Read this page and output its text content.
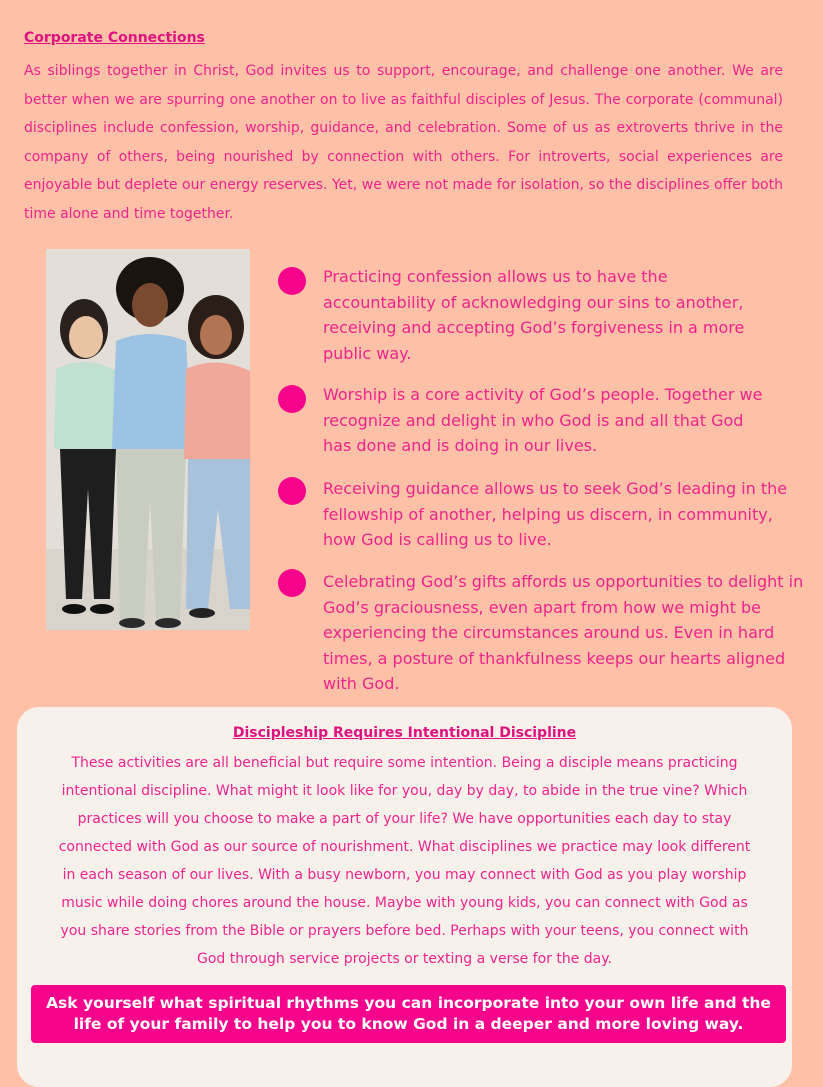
Corporate Connections

As siblings together in Christ, God invites us to support, encourage, and challenge one another. We are better when we are spurring one another on to live as faithful disciples of Jesus. The corporate (communal) disciplines include confession, worship, guidance, and celebration. Some of us as extroverts thrive in the company of others, being nourished by connection with others. For introverts, social experiences are enjoyable but deplete our energy reserves. Yet, we were not made for isolation, so the disciplines offer both time alone and time together.

Practicing confession allows us to have the accountability of acknowledging our sins to another, receiving and accepting God’s forgiveness in a more public way.

Worship is a core activity of God’s people. Together we recognize and delight in who God is and all that God has done and is doing in our lives.

Receiving guidance allows us to seek God’s leading in the fellowship of another, helping us discern, in community, how God is calling us to live.

Celebrating God’s gifts affords us opportunities to delight in God’s graciousness, even apart from how we might be experiencing the circumstances around us. Even in hard times, a posture of thankfulness keeps our hearts aligned with God.

Discipleship Requires Intentional Discipline

These activities are all beneficial but require some intention. Being a disciple means practicing intentional discipline. What might it look like for you, day by day, to abide in the true vine? Which practices will you choose to make a part of your life? We have opportunities each day to stay connected with God as our source of nourishment. What disciplines we practice may look different in each season of our lives. With a busy newborn, you may connect with God as you play worship music while doing chores around the house. Maybe with young kids, you can connect with God as you share stories from the Bible or prayers before bed. Perhaps with your teens, you connect with God through service projects or texting a verse for the day.

Ask yourself what spiritual rhythms you can incorporate into your own life and the life of your family to help you to know God in a deeper and more loving way.
